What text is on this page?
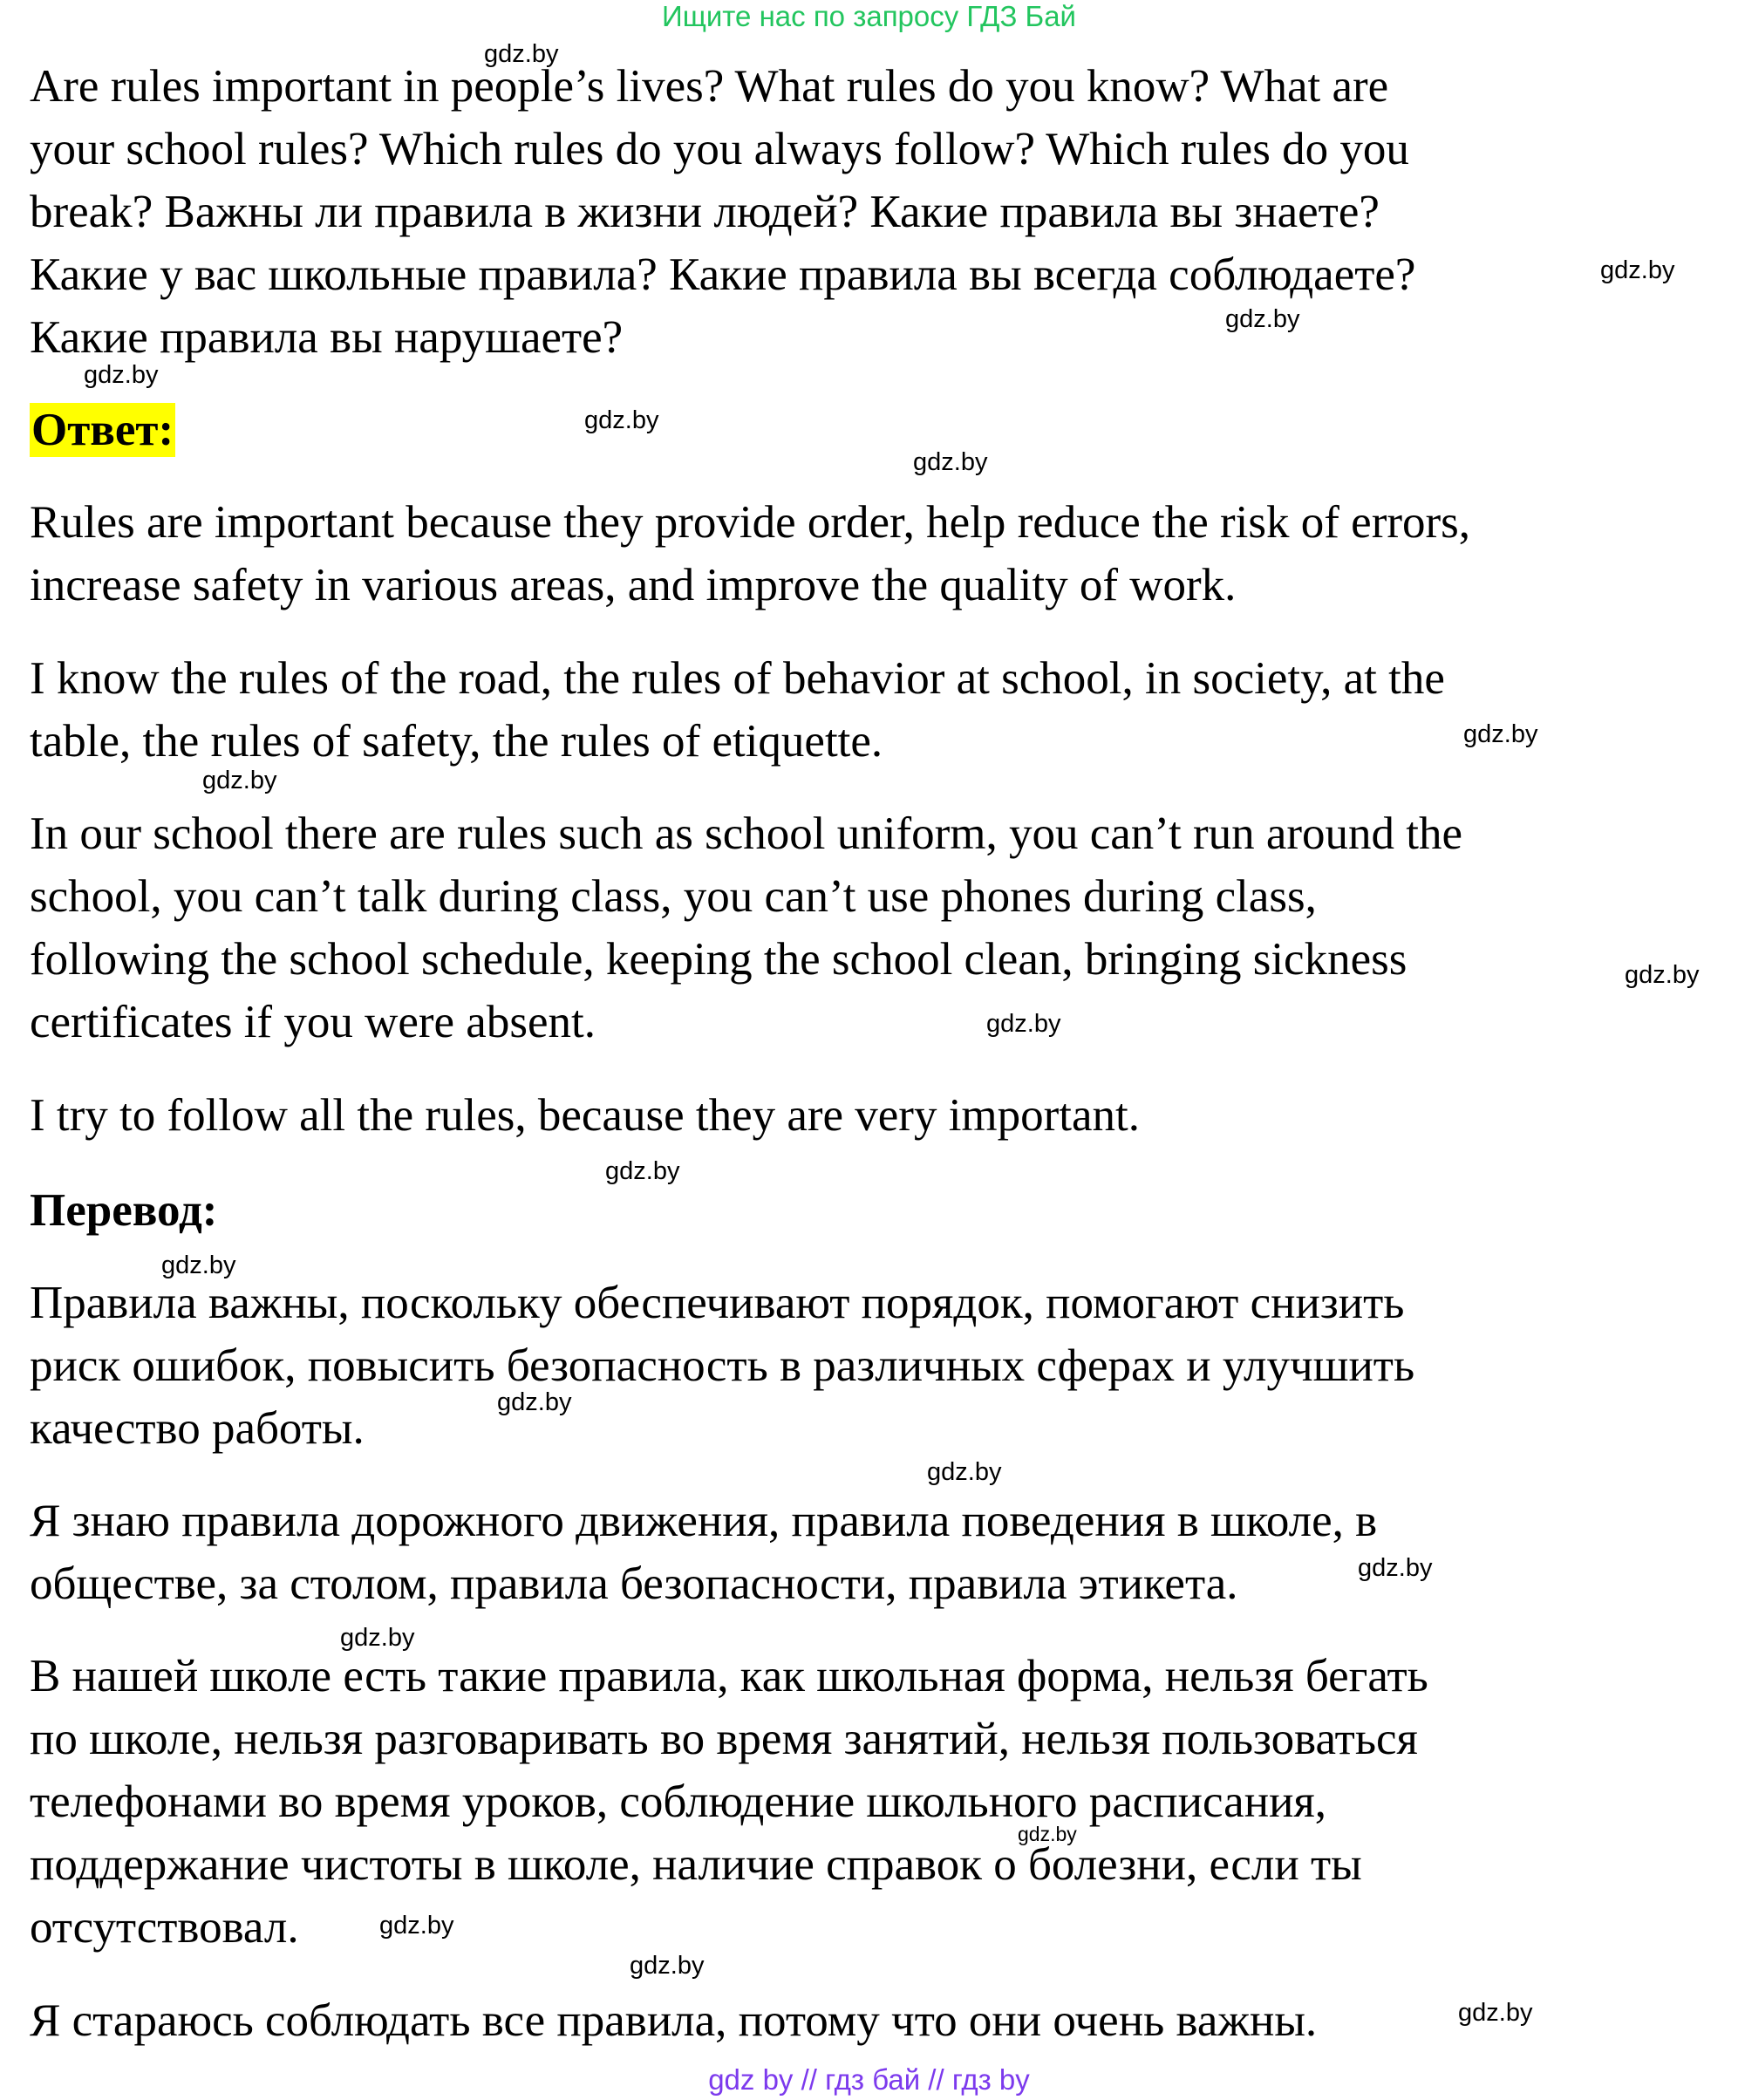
Ищите нас по запросу ГДЗ Бай

Are rules important in people’s lives? What rules do you know? What are
your school rules? Which rules do you always follow? Which rules do you
break? Важны ли правила в жизни людей? Какие правила вы знаете?
Какие у вас школьные правила? Какие правила вы всегда соблюдаете?
Какие правила вы нарушаете?

Ответ:

Rules are important because they provide order, help reduce the risk of errors,
increase safety in various areas, and improve the quality of work.

I know the rules of the road, the rules of behavior at school, in society, at the
table, the rules of safety, the rules of etiquette.

In our school there are rules such as school uniform, you can’t run around the
school, you can’t talk during class, you can’t use phones during class,
following the school schedule, keeping the school clean, bringing sickness
certificates if you were absent.

I try to follow all the rules, because they are very important.

Перевод:

Правила важны, поскольку обеспечивают порядок, помогают снизить
риск ошибок, повысить безопасность в различных сферах и улучшить
качество работы.

Я знаю правила дорожного движения, правила поведения в школе, в
обществе, за столом, правила безопасности, правила этикета.

В нашей школе есть такие правила, как школьная форма, нельзя бегать
по школе, нельзя разговаривать во время занятий, нельзя пользоваться
телефонами во время уроков, соблюдение школьного расписания,
поддержание чистоты в школе, наличие справок о болезни, если ты
отсутствовал.

Я стараюсь соблюдать все правила, потому что они очень важны.

gdz.by
gdz.by
gdz.by
gdz.by
gdz.by
gdz.by
gdz.by
gdz.by
gdz.by
gdz.by
gdz.by
gdz.by
gdz.by
gdz.by
gdz.by
gdz.by
gdz.by
gdz.by
gdz.by
gdz.by
gdz by // гдз бай // гдз by
